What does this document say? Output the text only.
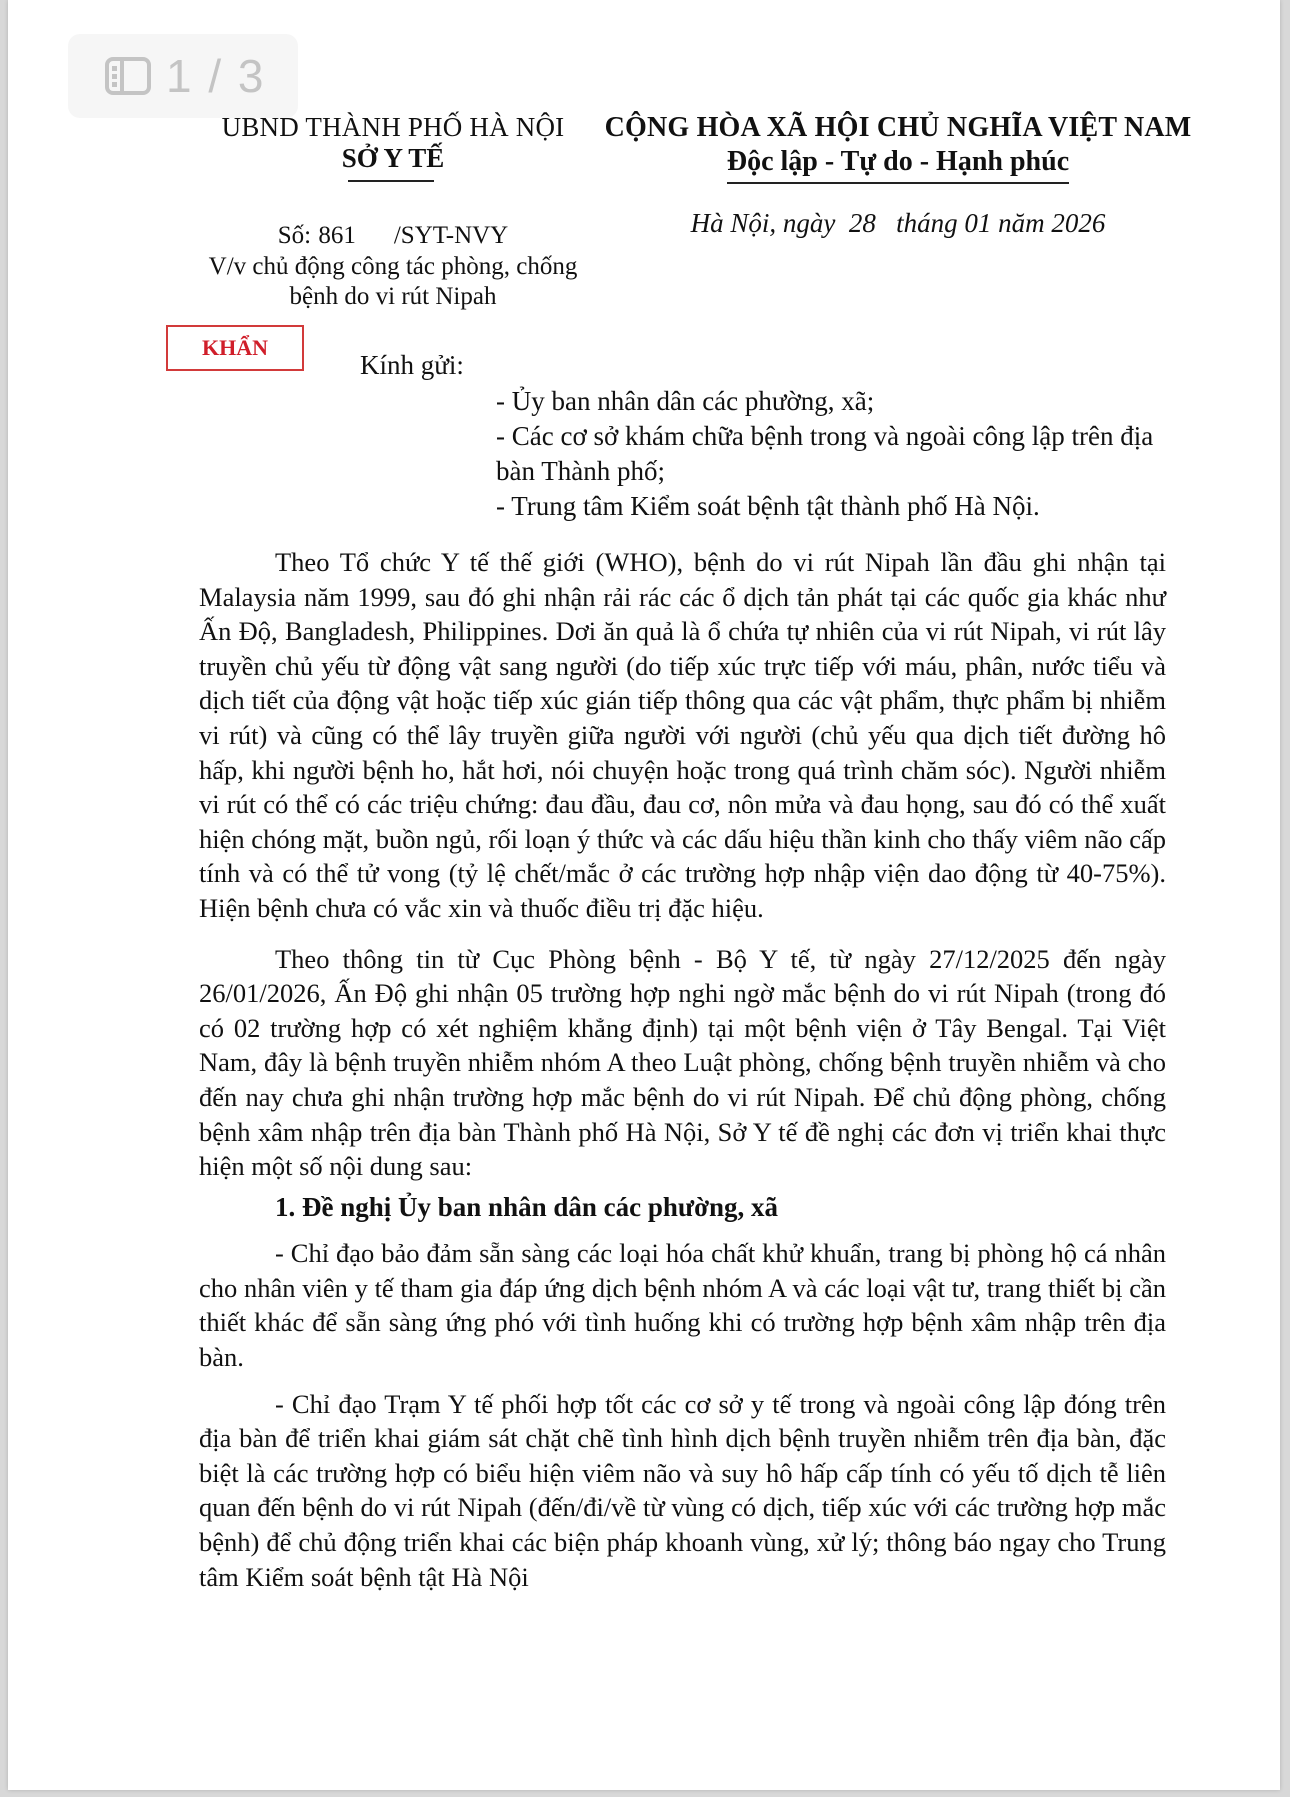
1 / 3
UBND THÀNH PHỐ HÀ NỘI
SỞ Y TẾ
Số: 861 /SYT-NVY
V/v chủ động công tác phòng, chống
bệnh do vi rút Nipah
CỘNG HÒA XÃ HỘI CHỦ NGHĨA VIỆT NAM
Độc lập - Tự do - Hạnh phúc
Hà Nội, ngày  28   tháng 01 năm 2026
KHẨN
Kính gửi:
- Ủy ban nhân dân các phường, xã;
- Các cơ sở khám chữa bệnh trong và ngoài công lập trên địa bàn Thành phố;
- Trung tâm Kiểm soát bệnh tật thành phố Hà Nội.

Theo Tổ chức Y tế thế giới (WHO), bệnh do vi rút Nipah lần đầu ghi nhận tại Malaysia năm 1999, sau đó ghi nhận rải rác các ổ dịch tản phát tại các quốc gia khác như Ấn Độ, Bangladesh, Philippines. Dơi ăn quả là ổ chứa tự nhiên của vi rút Nipah, vi rút lây truyền chủ yếu từ động vật sang người (do tiếp xúc trực tiếp với máu, phân, nước tiểu và dịch tiết của động vật hoặc tiếp xúc gián tiếp thông qua các vật phẩm, thực phẩm bị nhiễm vi rút) và cũng có thể lây truyền giữa người với người (chủ yếu qua dịch tiết đường hô hấp, khi người bệnh ho, hắt hơi, nói chuyện hoặc trong quá trình chăm sóc). Người nhiễm vi rút có thể có các triệu chứng: đau đầu, đau cơ, nôn mửa và đau họng, sau đó có thể xuất hiện chóng mặt, buồn ngủ, rối loạn ý thức và các dấu hiệu thần kinh cho thấy viêm não cấp tính và có thể tử vong (tỷ lệ chết/mắc ở các trường hợp nhập viện dao động từ 40-75%). Hiện bệnh chưa có vắc xin và thuốc điều trị đặc hiệu.

Theo thông tin từ Cục Phòng bệnh - Bộ Y tế, từ ngày 27/12/2025 đến ngày 26/01/2026, Ấn Độ ghi nhận 05 trường hợp nghi ngờ mắc bệnh do vi rút Nipah (trong đó có 02 trường hợp có xét nghiệm khẳng định) tại một bệnh viện ở Tây Bengal. Tại Việt Nam, đây là bệnh truyền nhiễm nhóm A theo Luật phòng, chống bệnh truyền nhiễm và cho đến nay chưa ghi nhận trường hợp mắc bệnh do vi rút Nipah. Để chủ động phòng, chống bệnh xâm nhập trên địa bàn Thành phố Hà Nội, Sở Y tế đề nghị các đơn vị triển khai thực hiện một số nội dung sau:

1. Đề nghị Ủy ban nhân dân các phường, xã

- Chỉ đạo bảo đảm sẵn sàng các loại hóa chất khử khuẩn, trang bị phòng hộ cá nhân cho nhân viên y tế tham gia đáp ứng dịch bệnh nhóm A và các loại vật tư, trang thiết bị cần thiết khác để sẵn sàng ứng phó với tình huống khi có trường hợp bệnh xâm nhập trên địa bàn.

- Chỉ đạo Trạm Y tế phối hợp tốt các cơ sở y tế trong và ngoài công lập đóng trên địa bàn để triển khai giám sát chặt chẽ tình hình dịch bệnh truyền nhiễm trên địa bàn, đặc biệt là các trường hợp có biểu hiện viêm não và suy hô hấp cấp tính có yếu tố dịch tễ liên quan đến bệnh do vi rút Nipah (đến/đi/về từ vùng có dịch, tiếp xúc với các trường hợp mắc bệnh) để chủ động triển khai các biện pháp khoanh vùng, xử lý; thông báo ngay cho Trung tâm Kiểm soát bệnh tật Hà Nội
